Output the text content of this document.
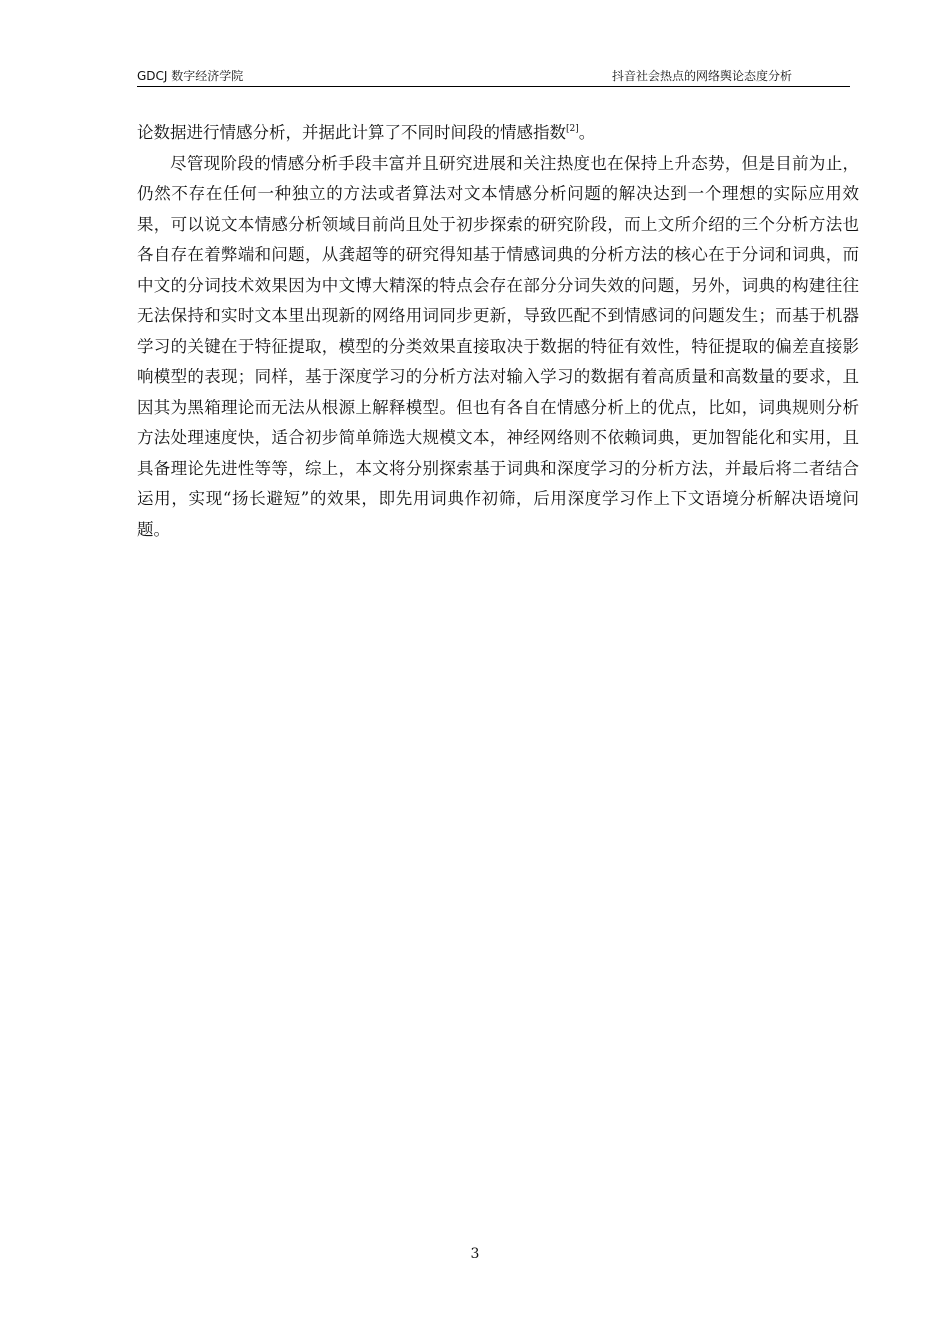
GDCJ 数字经济学院	抖音社会热点的网络舆论态度分析

论数据进行情感分析，并据此计算了不同时间段的情感指数[2]。

尽管现阶段的情感分析手段丰富并且研究进展和关注热度也在保持上升态势，但是目前为止，仍然不存在任何一种独立的方法或者算法对文本情感分析问题的解决达到一个理想的实际应用效果，可以说文本情感分析领域目前尚且处于初步探索的研究阶段，而上文所介绍的三个分析方法也各自存在着弊端和问题，从龚超等的研究得知基于情感词典的分析方法的核心在于分词和词典，而中文的分词技术效果因为中文博大精深的特点会存在部分分词失效的问题，另外，词典的构建往往无法保持和实时文本里出现新的网络用词同步更新，导致匹配不到情感词的问题发生；而基于机器学习的关键在于特征提取，模型的分类效果直接取决于数据的特征有效性，特征提取的偏差直接影响模型的表现；同样，基于深度学习的分析方法对输入学习的数据有着高质量和高数量的要求，且因其为黑箱理论而无法从根源上解释模型。但也有各自在情感分析上的优点，比如，词典规则分析方法处理速度快，适合初步简单筛选大规模文本，神经网络则不依赖词典，更加智能化和实用，且具备理论先进性等等，综上，本文将分别探索基于词典和深度学习的分析方法，并最后将二者结合运用，实现“扬长避短”的效果，即先用词典作初筛，后用深度学习作上下文语境分析解决语境问题。

3
